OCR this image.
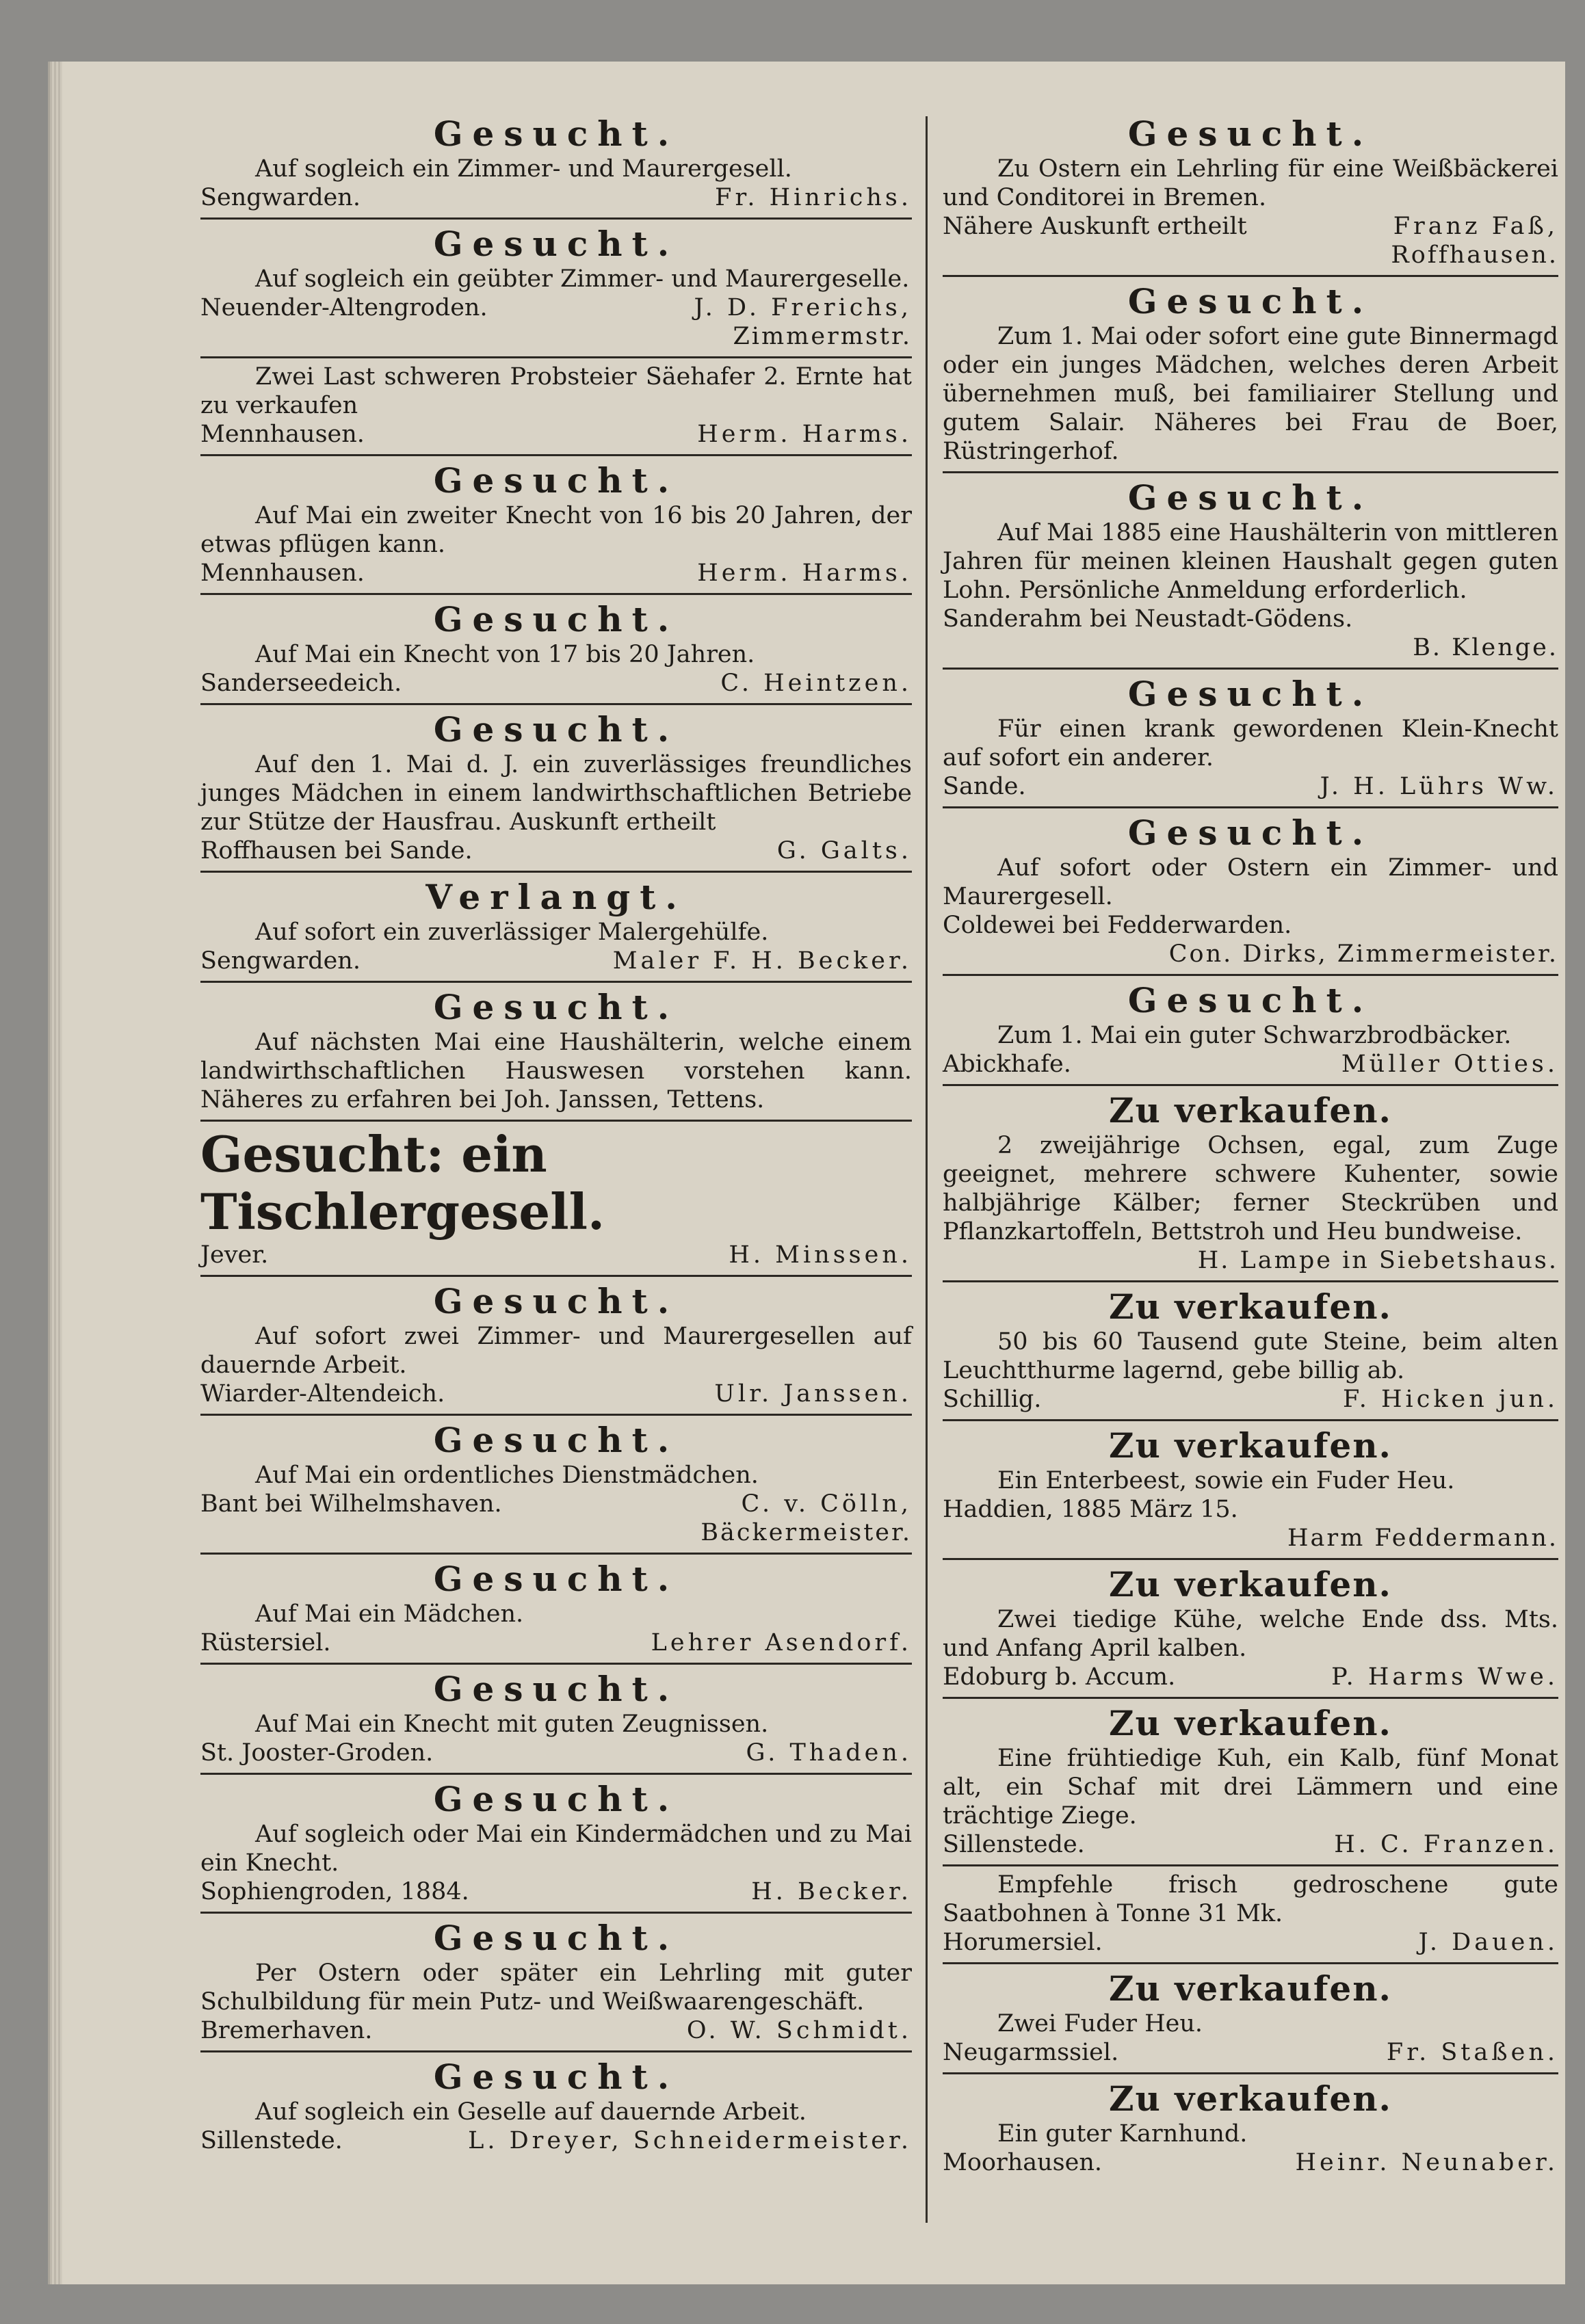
Gesucht.

Auf sogleich ein Zimmer- und Maurergesell.

Sengwarden.	Fr. Hinrichs.
Gesucht.

Auf sogleich ein geübter Zimmer- und Maurergeselle.

Neuender-Altengroden.	J. D. Frerichs,
Zimmermstr.

Zwei Last schweren Probsteier Säehafer 2. Ernte hat zu verkaufen

Mennhausen.	Herm. Harms.
Gesucht.

Auf Mai ein zweiter Knecht von 16 bis 20 Jahren, der etwas pflügen kann.

Mennhausen.	Herm. Harms.
Gesucht.

Auf Mai ein Knecht von 17 bis 20 Jahren.

Sanderseedeich.	C. Heintzen.
Gesucht.

Auf den 1. Mai d. J. ein zuverlässiges freundliches junges Mädchen in einem landwirthschaftlichen Betriebe zur Stütze der Hausfrau. Auskunft ertheilt

Roffhausen bei Sande.	G. Galts.
Verlangt.

Auf sofort ein zuverlässiger Malergehülfe.

Sengwarden.	Maler F. H. Becker.
Gesucht.

Auf nächsten Mai eine Haushälterin, welche einem landwirthschaftlichen Hauswesen vorstehen kann. Näheres zu erfahren bei Joh. Janssen, Tettens.

Gesucht: ein Tischlergesell.
Jever.	H. Minssen.
Gesucht.

Auf sofort zwei Zimmer- und Maurergesellen auf dauernde Arbeit.

Wiarder-Altendeich.	Ulr. Janssen.
Gesucht.

Auf Mai ein ordentliches Dienstmädchen.

Bant bei Wilhelmshaven.	C. v. Cölln,
Bäckermeister.
Gesucht.

Auf Mai ein Mädchen.

Rüstersiel.	Lehrer Asendorf.
Gesucht.

Auf Mai ein Knecht mit guten Zeugnissen.

St. Jooster-Groden.	G. Thaden.
Gesucht.

Auf sogleich oder Mai ein Kindermädchen und zu Mai ein Knecht.

Sophiengroden, 1884.	H. Becker.
Gesucht.

Per Ostern oder später ein Lehrling mit guter Schulbildung für mein Putz- und Weißwaarengeschäft.

Bremerhaven.	O. W. Schmidt.
Gesucht.

Auf sogleich ein Geselle auf dauernde Arbeit.

Sillenstede.	L. Dreyer, Schneidermeister.
Gesucht.

Zu Ostern ein Lehrling für eine Weißbäckerei und Conditorei in Bremen.

Nähere Auskunft ertheilt	Franz Faß,
Roffhausen.
Gesucht.

Zum 1. Mai oder sofort eine gute Binnermagd oder ein junges Mädchen, welches deren Arbeit übernehmen muß, bei familiairer Stellung und gutem Salair. Näheres bei Frau de Boer, Rüstringerhof.

Gesucht.

Auf Mai 1885 eine Haushälterin von mittleren Jahren für meinen kleinen Haushalt gegen guten Lohn. Persönliche Anmeldung erforderlich.

Sanderahm bei Neustadt-Gödens.
B. Klenge.
Gesucht.

Für einen krank gewordenen Klein-Knecht auf sofort ein anderer.

Sande.	J. H. Lührs Ww.
Gesucht.

Auf sofort oder Ostern ein Zimmer- und Maurergesell.

Coldewei bei Fedderwarden.
Con. Dirks, Zimmermeister.
Gesucht.

Zum 1. Mai ein guter Schwarzbrodbäcker.

Abickhafe.	Müller Otties.
Zu verkaufen.

2 zweijährige Ochsen, egal, zum Zuge geeignet, mehrere schwere Kuhenter, sowie halbjährige Kälber; ferner Steckrüben und Pflanzkartoffeln, Bettstroh und Heu bundweise.

H. Lampe in Siebetshaus.
Zu verkaufen.

50 bis 60 Tausend gute Steine, beim alten Leuchtthurme lagernd, gebe billig ab.

Schillig.	F. Hicken jun.
Zu verkaufen.

Ein Enterbeest, sowie ein Fuder Heu.

Haddien, 1885 März 15.
Harm Feddermann.
Zu verkaufen.

Zwei tiedige Kühe, welche Ende dss. Mts. und Anfang April kalben.

Edoburg b. Accum.	P. Harms Wwe.
Zu verkaufen.

Eine frühtiedige Kuh, ein Kalb, fünf Monat alt, ein Schaf mit drei Lämmern und eine trächtige Ziege.

Sillenstede.	H. C. Franzen.

Empfehle frisch gedroschene gute Saatbohnen à Tonne 31 Mk.

Horumersiel.	J. Dauen.
Zu verkaufen.

Zwei Fuder Heu.

Neugarmssiel.	Fr. Staßen.
Zu verkaufen.

Ein guter Karnhund.

Moorhausen.	Heinr. Neunaber.
